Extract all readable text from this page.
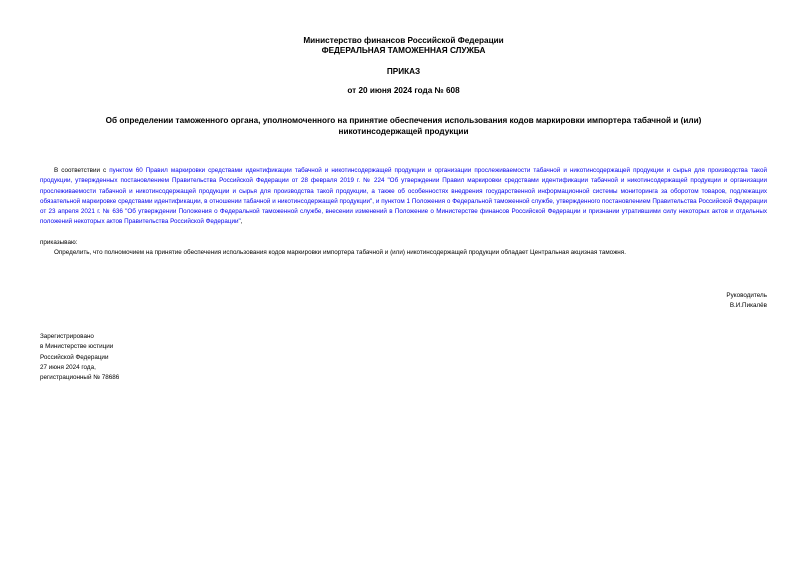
Министерство финансов Российской Федерации
ФЕДЕРАЛЬНАЯ ТАМОЖЕННАЯ СЛУЖБА
ПРИКАЗ
от 20 июня 2024 года № 608
Об определении таможенного органа, уполномоченного на принятие обеспечения использования кодов маркировки импортера табачной и (или)
никотинсодержащей продукции
В соответствии с пунктом 60 Правил маркировки средствами идентификации табачной и никотинсодержащей продукции и организации прослеживаемости табачной и никотинсодержащей продукции и сырья для производства такой продукции, утвержденных постановлением Правительства Российской Федерации от 28 февраля 2019 г. № 224 "Об утверждении Правил маркировки средствами идентификации табачной и никотинсодержащей продукции и организации прослеживаемости табачной и никотинсодержащей продукции и сырья для производства такой продукции, а также об особенностях внедрения государственной информационной системы мониторинга за оборотом товаров, подлежащих обязательной маркировке средствами идентификации, в отношении табачной и никотинсодержащей продукции", и пунктом 1 Положения о Федеральной таможенной службе, утвержденного постановлением Правительства Российской Федерации от 23 апреля 2021 г. № 636 "Об утверждении Положения о Федеральной таможенной службе, внесении изменений в Положение о Министерстве финансов Российской Федерации и признании утратившими силу некоторых актов и отдельных положений некоторых актов Правительства Российской Федерации",
приказываю:
Определить, что полномочием на принятие обеспечения использования кодов маркировки импортера табачной и (или) никотинсодержащей продукции обладает Центральная акцизная таможня.
Руководитель
В.И.Пикалёв
Зарегистрировано
в Министерстве юстиции
Российской Федерации
27 июня 2024 года,
регистрационный № 78686
